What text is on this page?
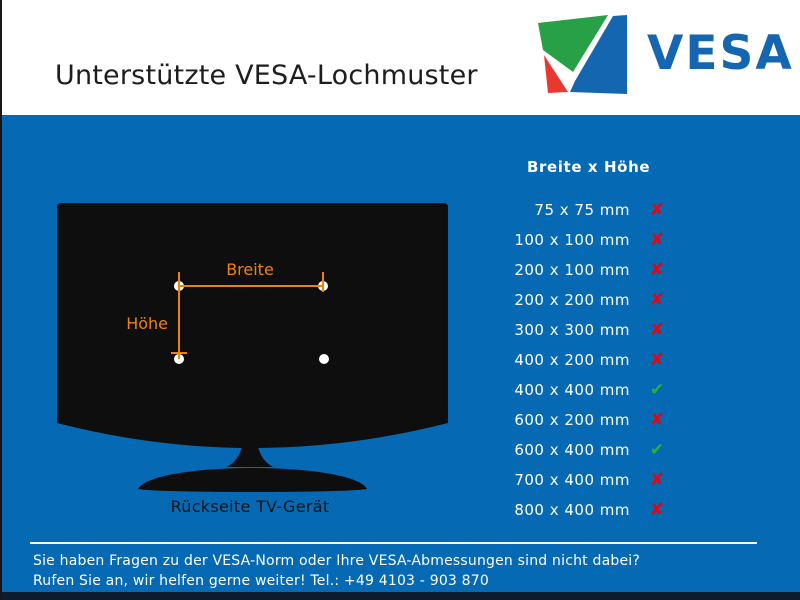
Unterstützte VESA-Lochmuster	VESA
Breite
Höhe
Rückseite TV-Gerät
Breite x Höhe
75 x 75 mm	✘
100 x 100 mm	✘
200 x 100 mm	✘
200 x 200 mm	✘
300 x 300 mm	✘
400 x 200 mm	✘
400 x 400 mm	✔
600 x 200 mm	✘
600 x 400 mm	✔
700 x 400 mm	✘
800 x 400 mm	✘
Sie haben Fragen zu der VESA-Norm oder Ihre VESA-Abmessungen sind nicht dabei?
Rufen Sie an, wir helfen gerne weiter! Tel.: +49 4103 - 903 870
